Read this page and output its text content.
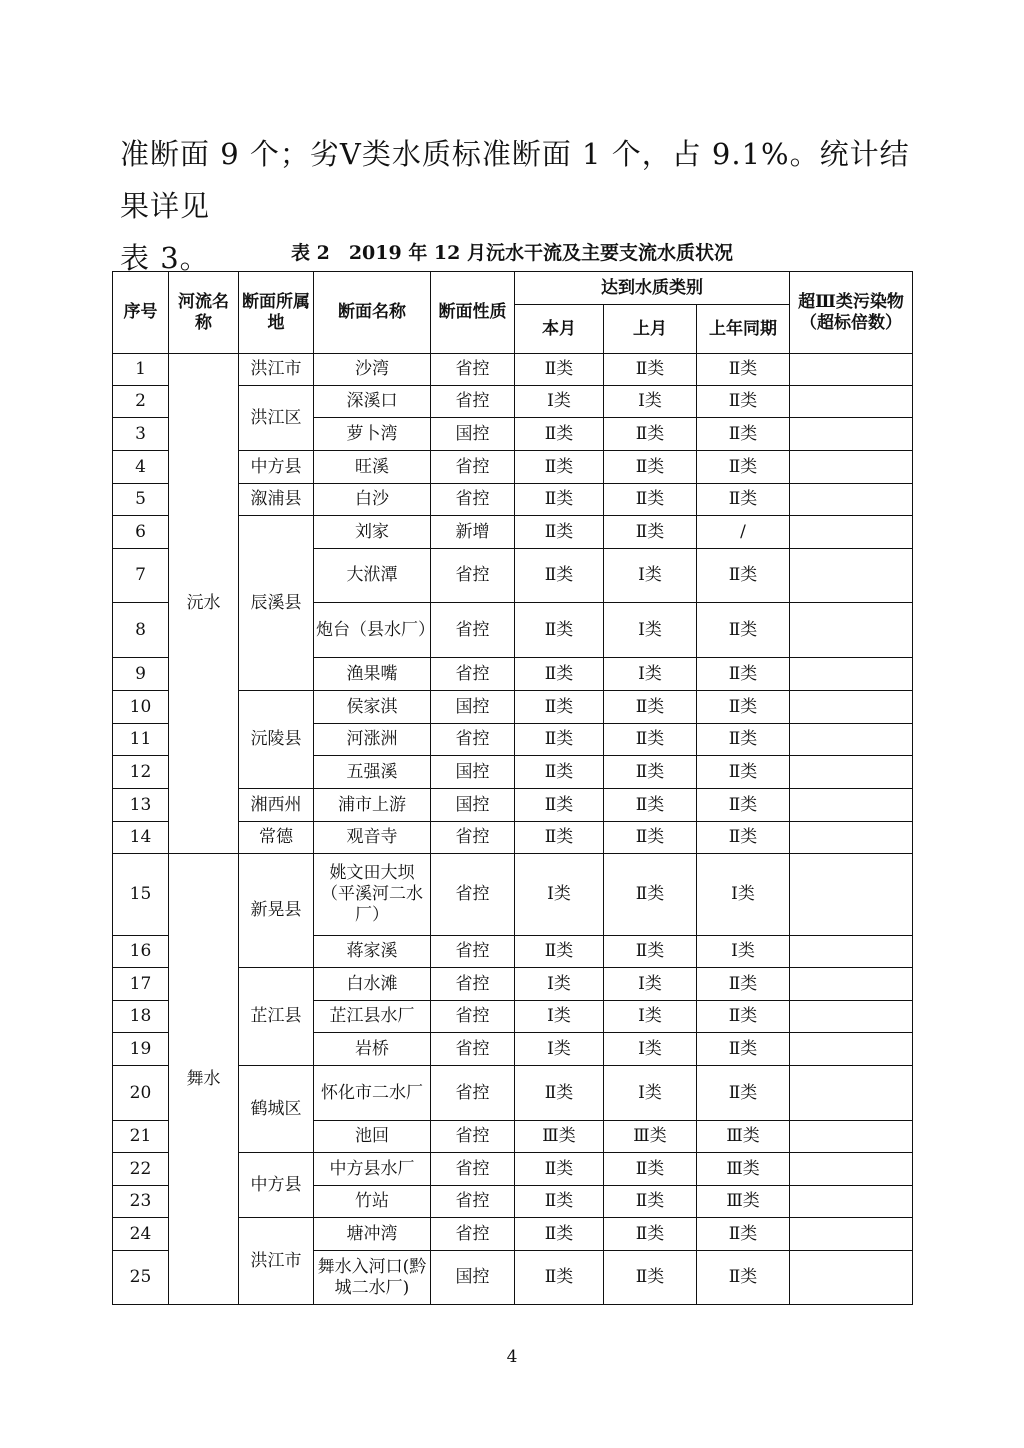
准断面 9 个；劣Ⅴ类水质标准断面 1 个，占 9.1%。统计结果详见
表 3。	表 2　2019 年 12 月沅水干流及主要支流水质状况
序号	河流名称	断面所属地	断面名称	断面性质	达到水质类别			超Ⅲ类污染物（超标倍数）
					本月	上月	上年同期	
1	沅水	洪江市	沙湾	省控	Ⅱ类	Ⅱ类	Ⅱ类	
2		洪江区	深溪口	省控	Ⅰ类	Ⅰ类	Ⅱ类	
3			萝卜湾	国控	Ⅱ类	Ⅱ类	Ⅱ类	
4		中方县	旺溪	省控	Ⅱ类	Ⅱ类	Ⅱ类	
5		溆浦县	白沙	省控	Ⅱ类	Ⅱ类	Ⅱ类	
6		辰溪县	刘家	新增	Ⅱ类	Ⅱ类	/	
7			大洑潭	省控	Ⅱ类	Ⅰ类	Ⅱ类	
8			炮台（县水厂）	省控	Ⅱ类	Ⅰ类	Ⅱ类	
9			渔果嘴	省控	Ⅱ类	Ⅰ类	Ⅱ类	
10		沅陵县	侯家淇	国控	Ⅱ类	Ⅱ类	Ⅱ类	
11			河涨洲	省控	Ⅱ类	Ⅱ类	Ⅱ类	
12			五强溪	国控	Ⅱ类	Ⅱ类	Ⅱ类	
13		湘西州	浦市上游	国控	Ⅱ类	Ⅱ类	Ⅱ类	
14		常德	观音寺	省控	Ⅱ类	Ⅱ类	Ⅱ类	
15	舞水	新晃县	姚文田大坝（平溪河二水厂）	省控	Ⅰ类	Ⅱ类	Ⅰ类	
16			蒋家溪	省控	Ⅱ类	Ⅱ类	Ⅰ类	
17		芷江县	白水滩	省控	Ⅰ类	Ⅰ类	Ⅱ类	
18			芷江县水厂	省控	Ⅰ类	Ⅰ类	Ⅱ类	
19			岩桥	省控	Ⅰ类	Ⅰ类	Ⅱ类	
20		鹤城区	怀化市二水厂	省控	Ⅱ类	Ⅰ类	Ⅱ类	
21			池回	省控	Ⅲ类	Ⅲ类	Ⅲ类	
22		中方县	中方县水厂	省控	Ⅱ类	Ⅱ类	Ⅲ类	
23			竹站	省控	Ⅱ类	Ⅱ类	Ⅲ类	
24		洪江市	塘冲湾	省控	Ⅱ类	Ⅱ类	Ⅱ类	
25			舞水入河口(黔城二水厂)	国控	Ⅱ类	Ⅱ类	Ⅱ类	
4
